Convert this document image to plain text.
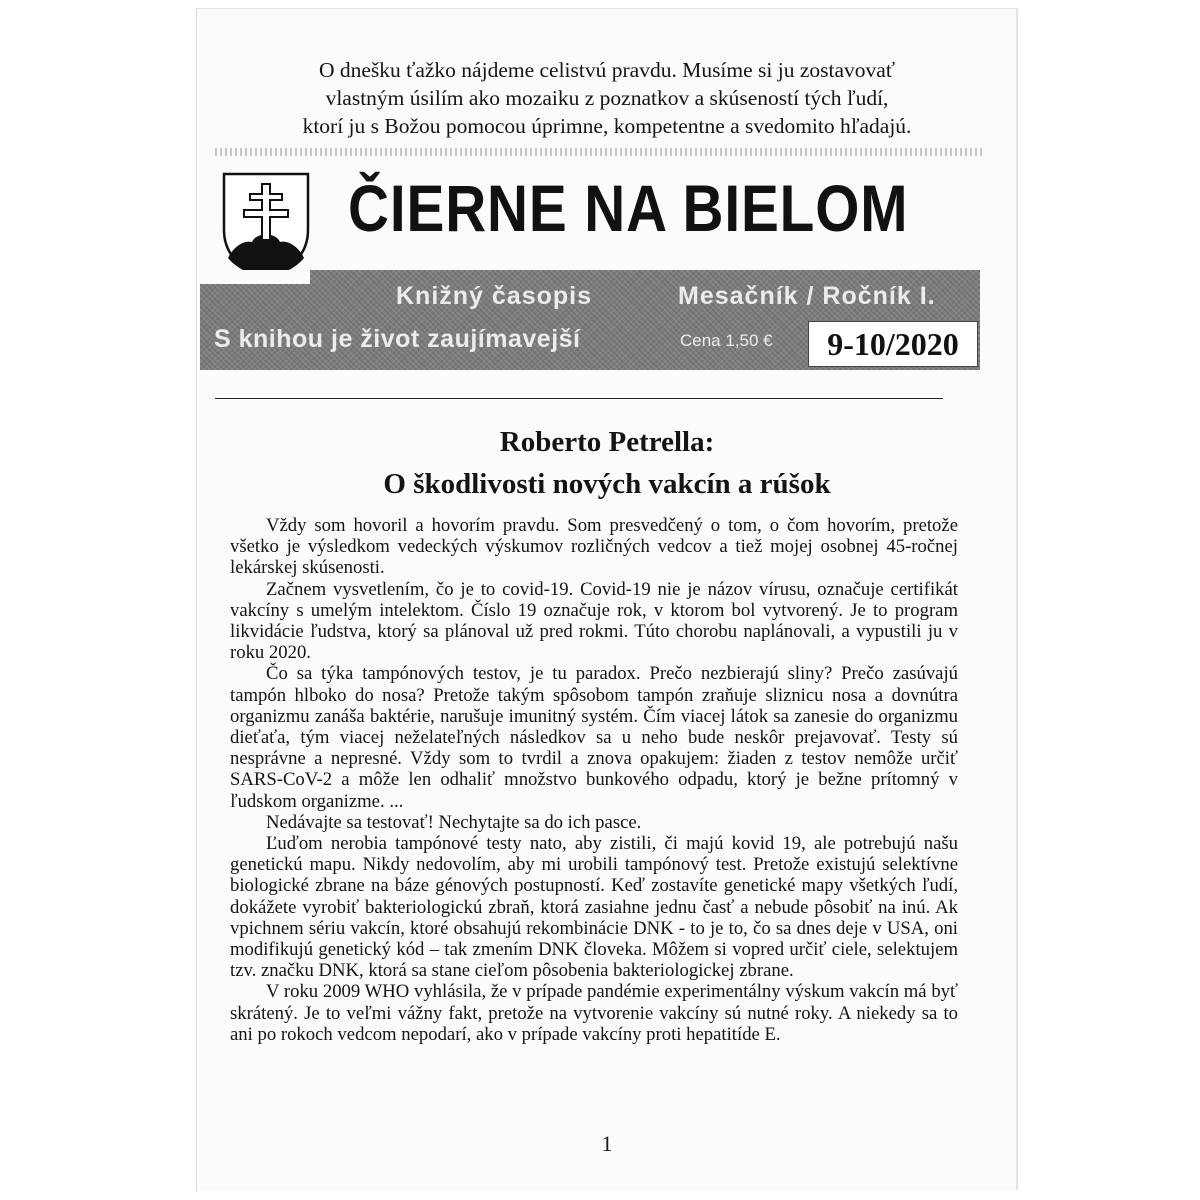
O dnešku ťažko nájdeme celistvú pravdu. Musíme si ju zostavovať
vlastným úsilím ako mozaiku z poznatkov a skúseností tých ľudí,
ktorí ju s Božou pomocou úprimne, kompetentne a svedomito hľadajú.
ČIERNE NA BIELOM
Knižný časopis	Mesačník / Ročník I.
S knihou je život zaujímavejší	Cena 1,50 €	9-10/2020
Roberto Petrella:
O škodlivosti nových vakcín a rúšok

Vždy som hovoril a hovorím pravdu. Som presvedčený o tom, o čom hovorím, pretože všetko je výsledkom vedeckých výskumov rozličných vedcov a tiež mojej osobnej 45-ročnej lekárskej skúsenosti.

Začnem vysvetlením, čo je to covid-19. Covid-19 nie je názov vírusu, označuje certifikát vakcíny s umelým intelektom. Číslo 19 označuje rok, v ktorom bol vytvorený. Je to program likvidácie ľudstva, ktorý sa plánoval už pred rokmi. Túto chorobu naplánovali, a vypustili ju v roku 2020.

Čo sa týka tampónových testov, je tu paradox. Prečo nezbierajú sliny? Prečo zasúvajú tampón hlboko do nosa? Pretože takým spôsobom tampón zraňuje sliznicu nosa a dovnútra organizmu zanáša baktérie, narušuje imunitný systém. Čím viacej látok sa zanesie do organizmu dieťaťa, tým viacej neželateľných následkov sa u neho bude neskôr prejavovať. Testy sú nesprávne a nepresné. Vždy som to tvrdil a znova opakujem: žiaden z testov nemôže určiť SARS-CoV-2 a môže len odhaliť množstvo bunkového odpadu, ktorý je bežne prítomný v ľudskom organizme. ...

Nedávajte sa testovať! Nechytajte sa do ich pasce.

Ľuďom nerobia tampónové testy nato, aby zistili, či majú kovid 19, ale potrebujú našu genetickú mapu. Nikdy nedovolím, aby mi urobili tampónový test. Pretože existujú selektívne biologické zbrane na báze génových postupností. Keď zostavíte genetické mapy všetkých ľudí, dokážete vyrobiť bakteriologickú zbraň, ktorá zasiahne jednu časť a nebude pôsobiť na inú. Ak vpichnem sériu vakcín, ktoré obsahujú rekombinácie DNK - to je to, čo sa dnes deje v USA, oni modifikujú genetický kód – tak zmením DNK človeka. Môžem si vopred určiť ciele, selektujem tzv. značku DNK, ktorá sa stane cieľom pôsobenia bakteriologickej zbrane.

V roku 2009 WHO vyhlásila, že v prípade pandémie experimentálny výskum vakcín má byť skrátený. Je to veľmi vážny fakt, pretože na vytvorenie vakcíny sú nutné roky. A niekedy sa to ani po rokoch vedcom nepodarí, ako v prípade vakcíny proti hepatitíde E.

1
